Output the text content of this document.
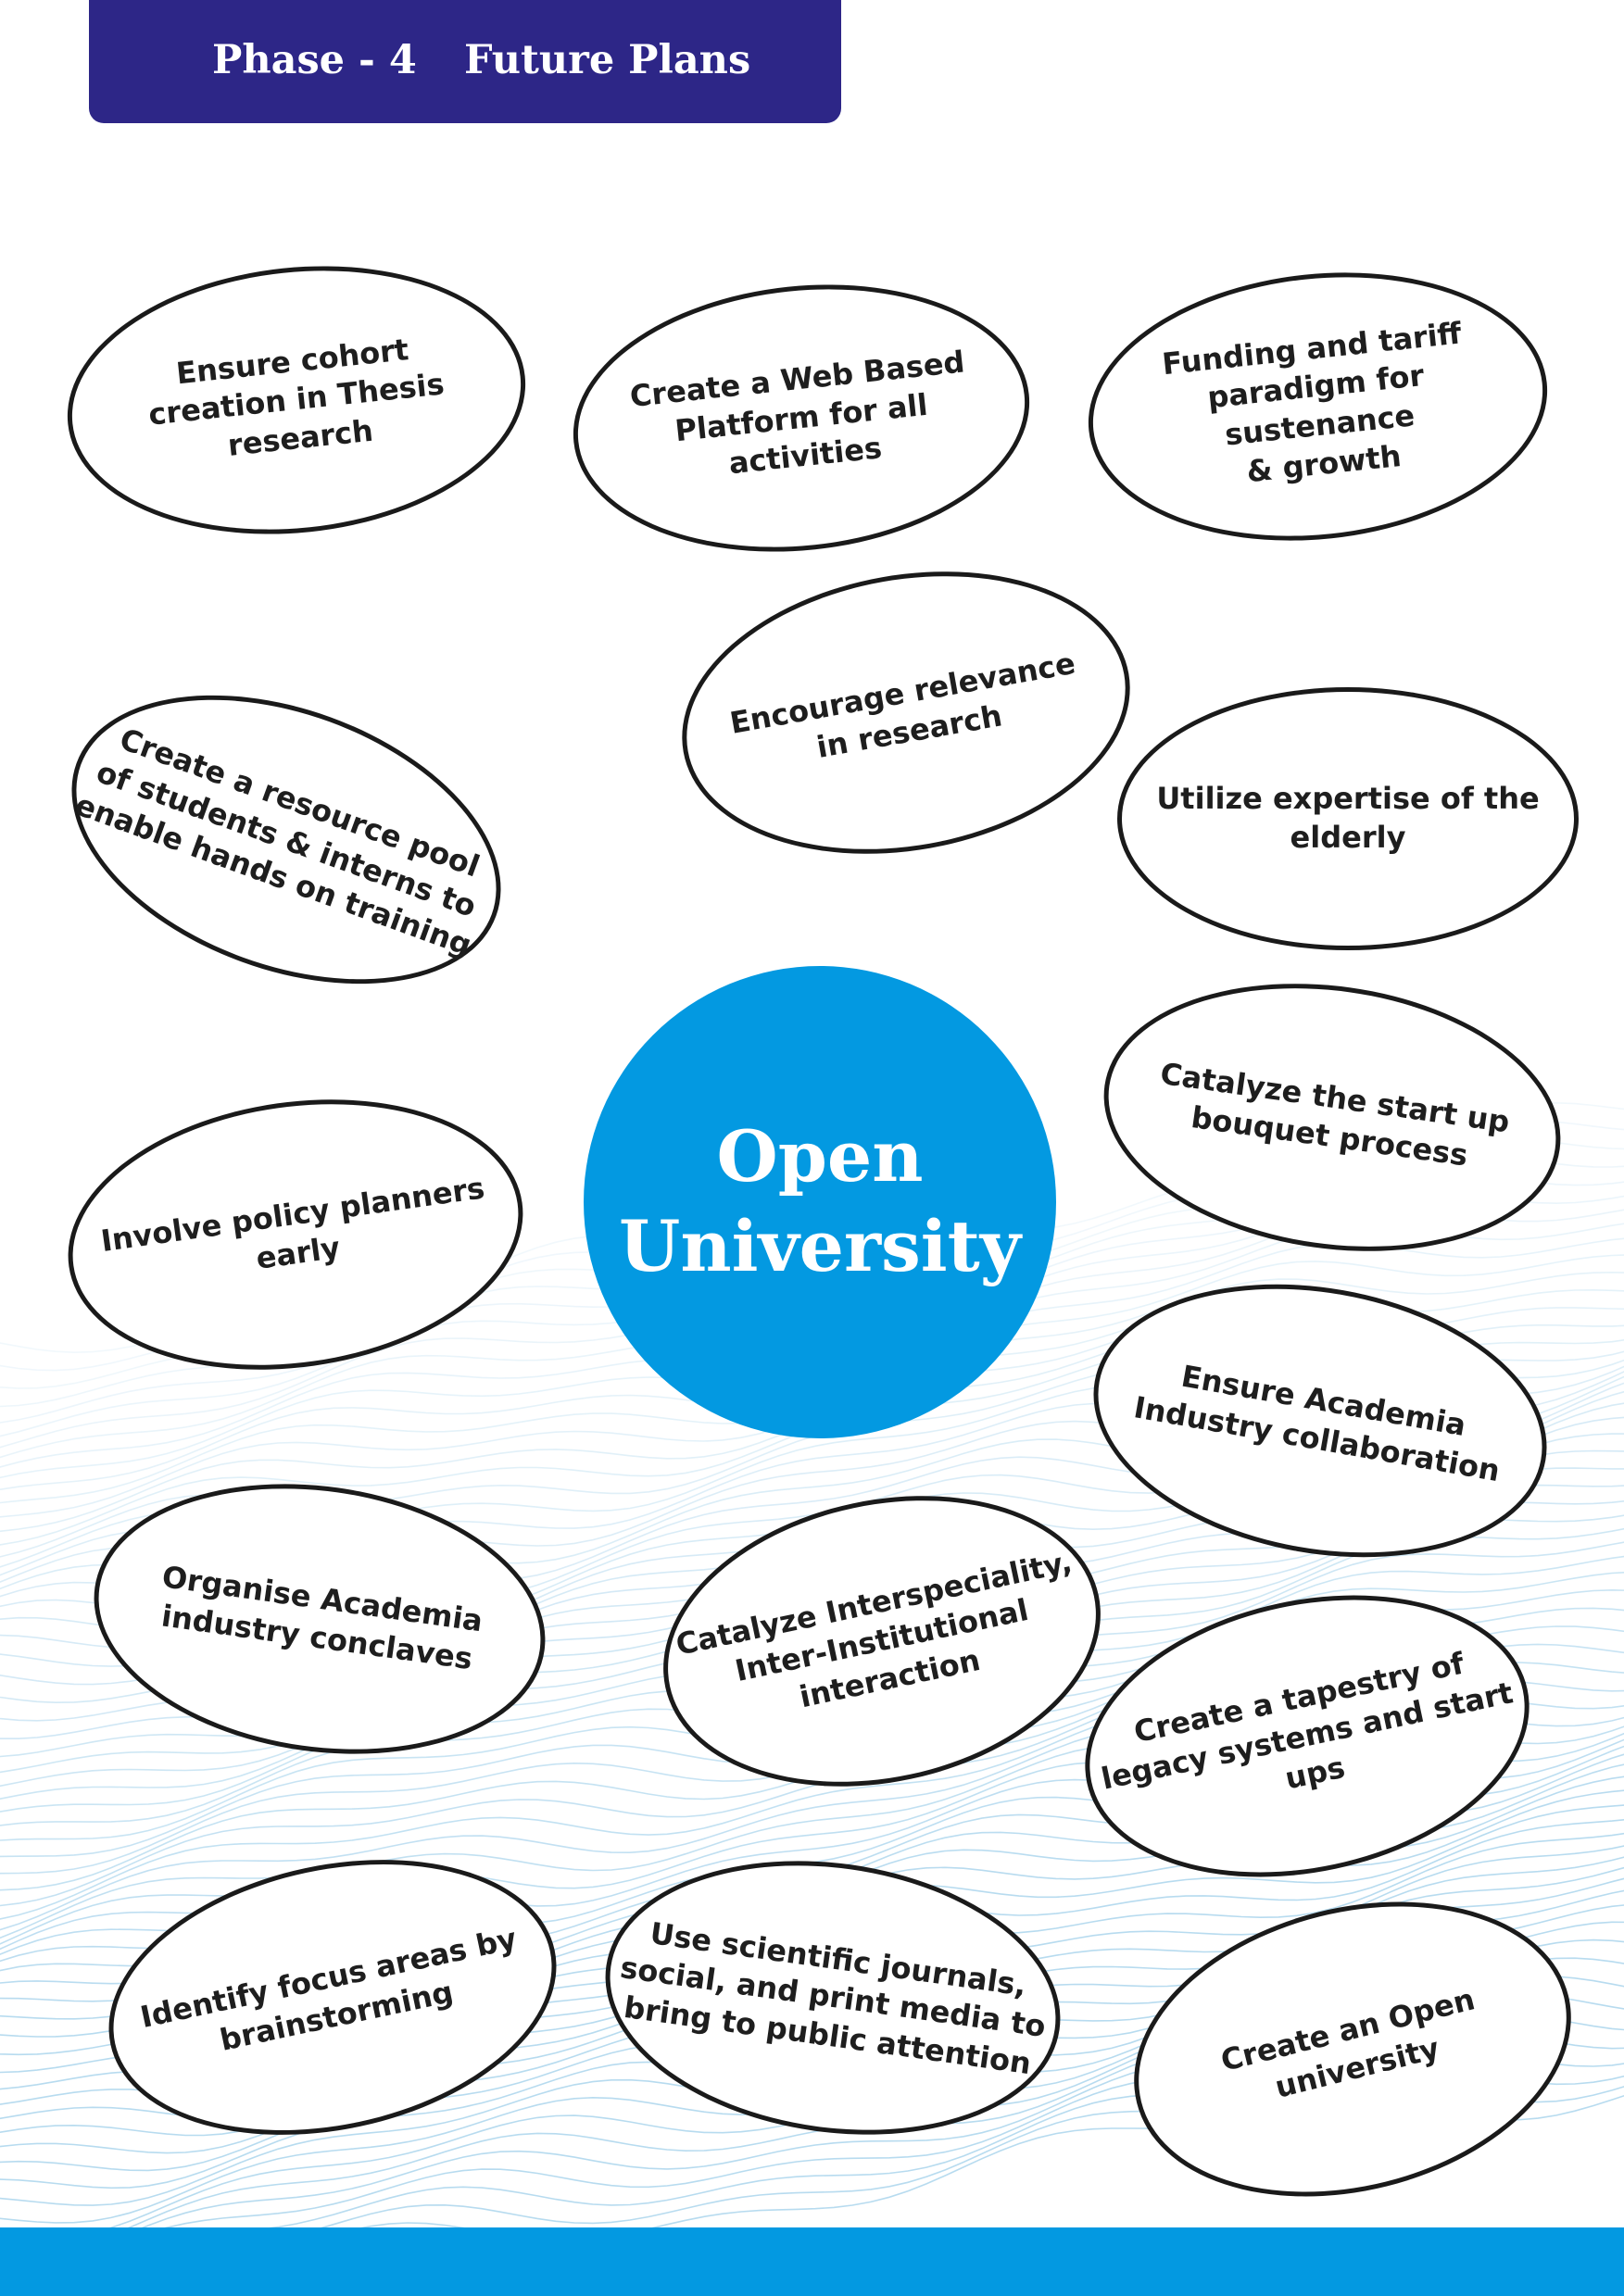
Phase - 4 Future Plans
Ensure cohort
creation in Thesis
research
Create a Web Based
Platform for all
activities
Funding and tariff
paradigm for
sustenance
& growth
Encourage relevance
in research
Create a resource pool
of students & interns to
enable hands on training	Utilize expertise of the
elderly
Catalyze the start up
bouquet process
Involve policy planners
early
Ensure Academia
Industry collaboration
Organise Academia
industry conclaves	Catalyze Interspeciality,
Inter-Institutional
interaction	Create a tapestry of
legacy systems and start
ups
Identify focus areas by
brainstorming
Use scientific journals,
social, and print media to
bring to public attention	Create an Open
university
Open
University
